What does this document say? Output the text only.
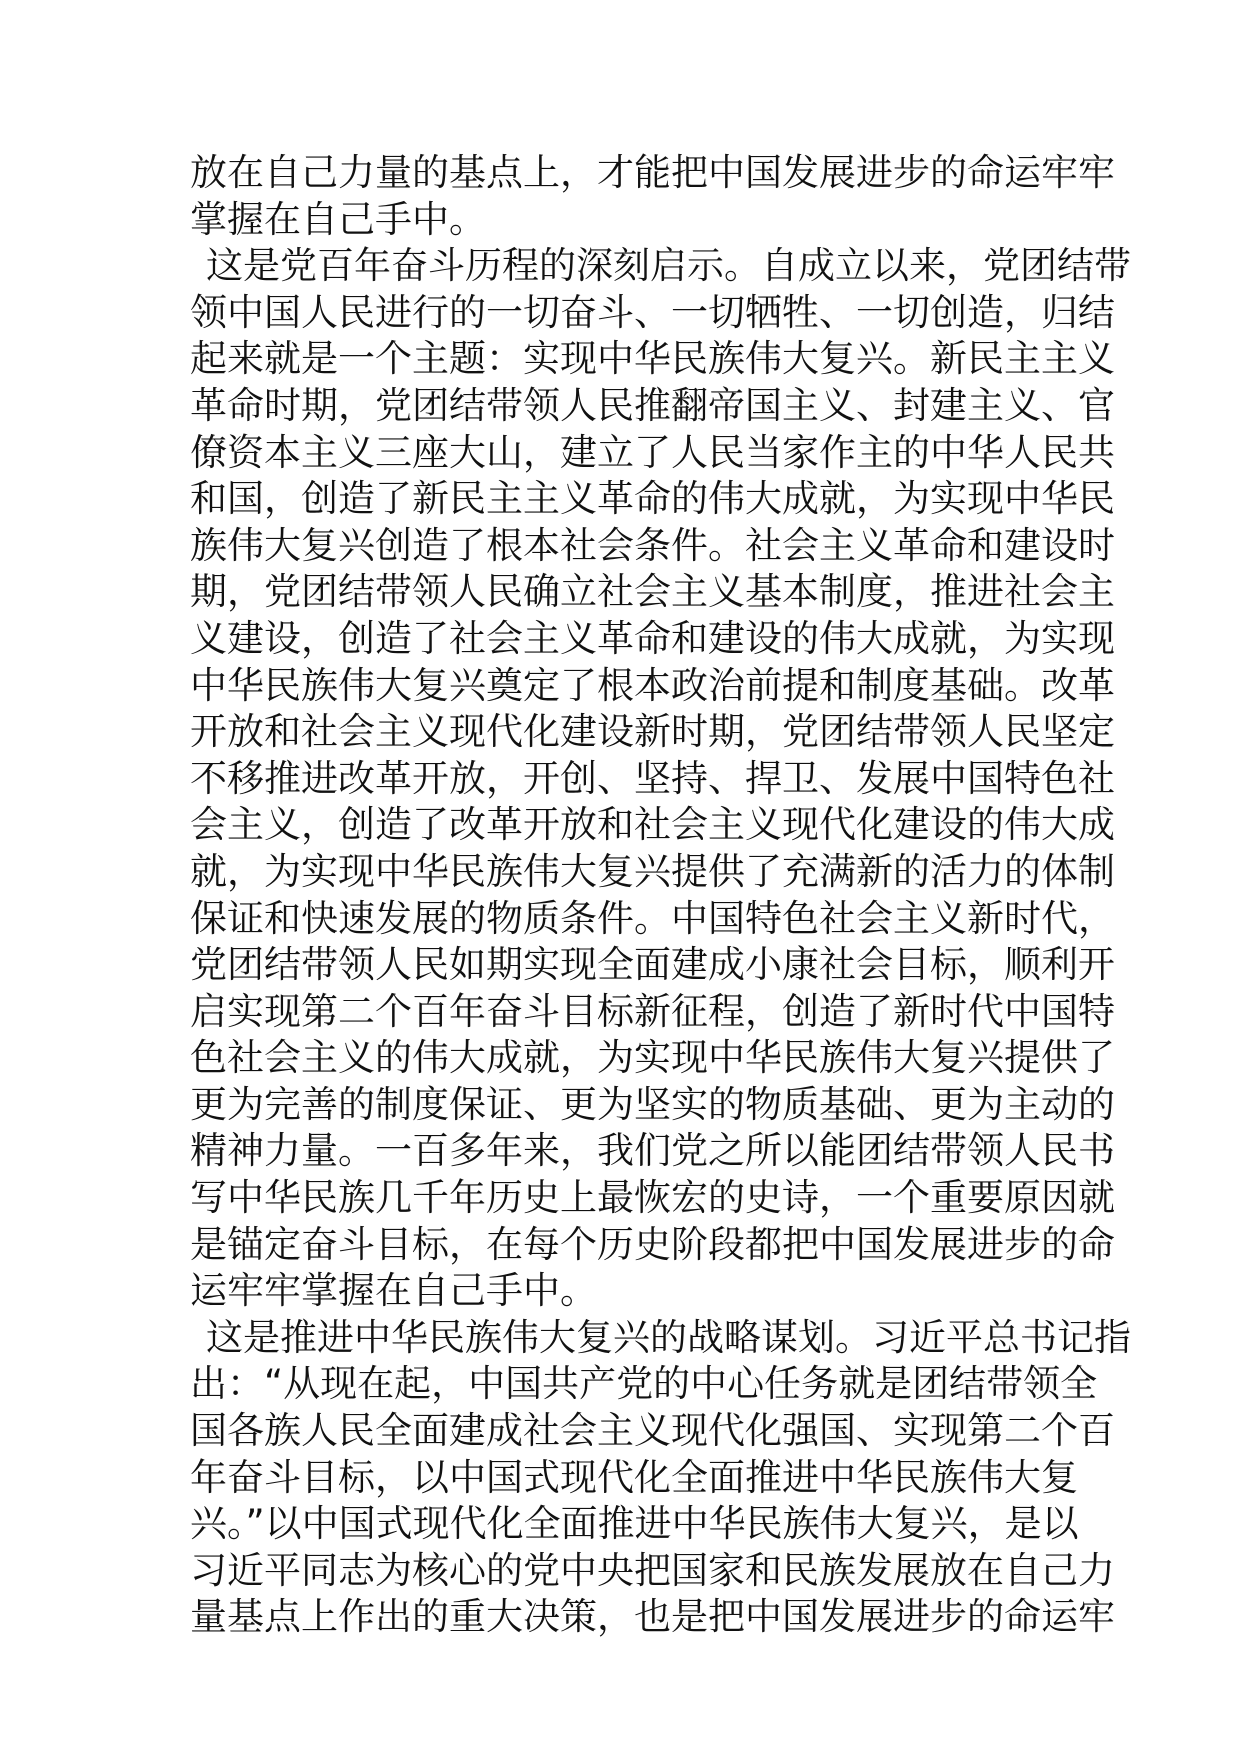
放在自己力量的基点上，才能把中国发展进步的命运牢牢
掌握在自己手中。
这是党百年奋斗历程的深刻启示。自成立以来，党团结带
领中国人民进行的一切奋斗、一切牺牲、一切创造，归结
起来就是一个主题：实现中华民族伟大复兴。新民主主义
革命时期，党团结带领人民推翻帝国主义、封建主义、官
僚资本主义三座大山，建立了人民当家作主的中华人民共
和国，创造了新民主主义革命的伟大成就，为实现中华民
族伟大复兴创造了根本社会条件。社会主义革命和建设时
期，党团结带领人民确立社会主义基本制度，推进社会主
义建设，创造了社会主义革命和建设的伟大成就，为实现
中华民族伟大复兴奠定了根本政治前提和制度基础。改革
开放和社会主义现代化建设新时期，党团结带领人民坚定
不移推进改革开放，开创、坚持、捍卫、发展中国特色社
会主义，创造了改革开放和社会主义现代化建设的伟大成
就，为实现中华民族伟大复兴提供了充满新的活力的体制
保证和快速发展的物质条件。中国特色社会主义新时代，
党团结带领人民如期实现全面建成小康社会目标，顺利开
启实现第二个百年奋斗目标新征程，创造了新时代中国特
色社会主义的伟大成就，为实现中华民族伟大复兴提供了
更为完善的制度保证、更为坚实的物质基础、更为主动的
精神力量。一百多年来，我们党之所以能团结带领人民书
写中华民族几千年历史上最恢宏的史诗，一个重要原因就
是锚定奋斗目标，在每个历史阶段都把中国发展进步的命
运牢牢掌握在自己手中。
这是推进中华民族伟大复兴的战略谋划。习近平总书记指
出：“从现在起，中国共产党的中心任务就是团结带领全
国各族人民全面建成社会主义现代化强国、实现第二个百
年奋斗目标，以中国式现代化全面推进中华民族伟大复
兴。”以中国式现代化全面推进中华民族伟大复兴，是以
习近平同志为核心的党中央把国家和民族发展放在自己力
量基点上作出的重大决策，也是把中国发展进步的命运牢
